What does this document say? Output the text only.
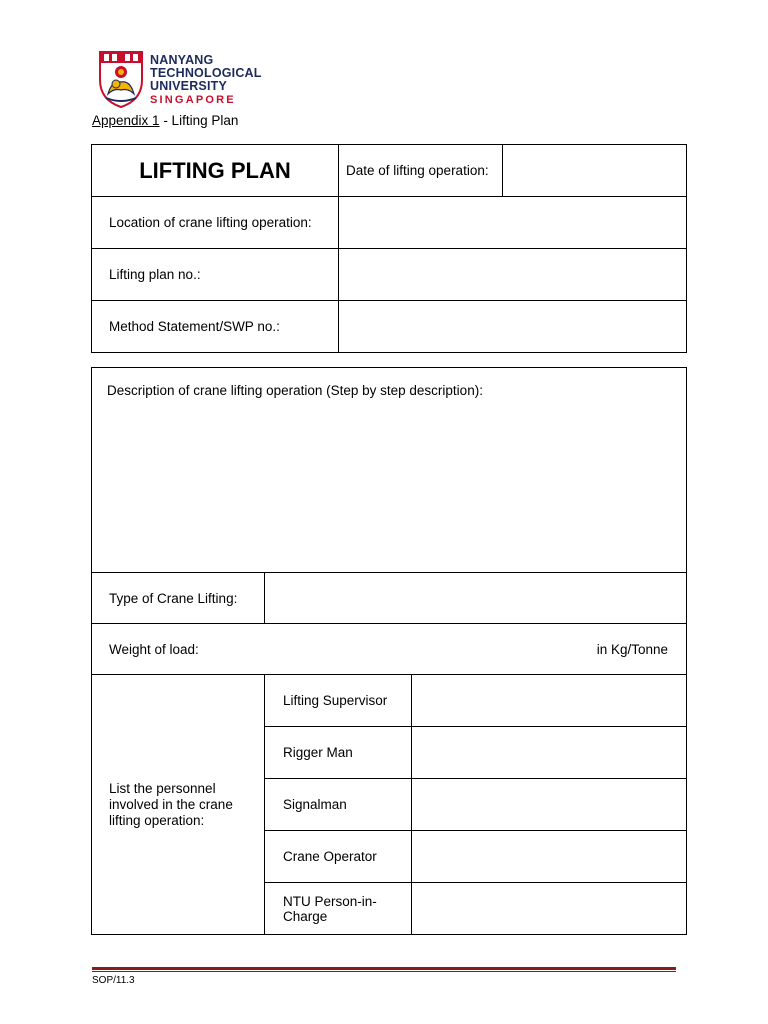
NANYANG
TECHNOLOGICAL
UNIVERSITY
SINGAPORE
Appendix 1 - Lifting Plan
LIFTING PLAN	Date of lifting operation:	
Location of crane lifting operation:		
Lifting plan no.:		
Method Statement/SWP no.:		
Description of crane lifting operation (Step by step description):		
Type of Crane Lifting:		

Weight of load: in Kg/Tonne		

List the personnel involved in the crane lifting operation:	Lifting Supervisor	
	Rigger Man	
	Signalman	
	Crane Operator	
	NTU Person-in-Charge	
SOP/11.3
